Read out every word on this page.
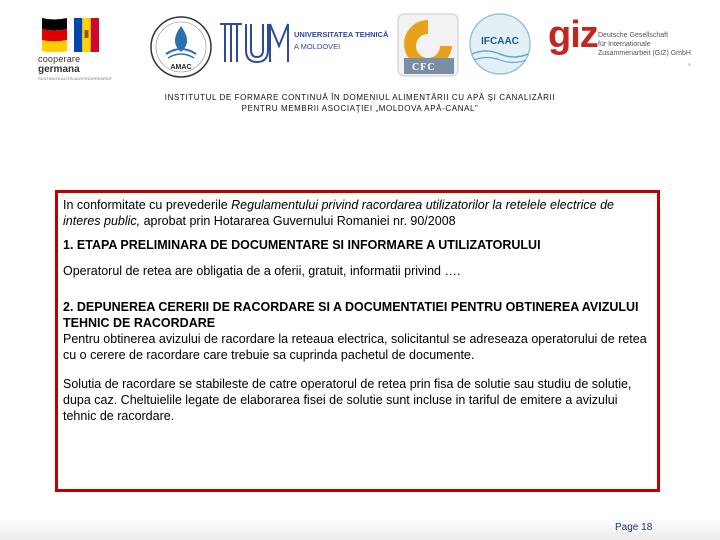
cooperare
germana
SUSTINUTA ALTEN AUSTINARREARSIT
AMAC
UNIVERSITATEA TEHNICĂ
A MOLDOVEI
CFC
IFCAAC giz Deutsche Gesellschaft
für Internationale
Zusammenarbeit (GIZ) GmbH
®
INSTITUTUL DE FORMARE CONTINUĂ ÎN DOMENIUL ALIMENTĂRII CU APĂ ŞI CANALIZĂRII
PENTRU MEMBRII ASOCIAŢIEI „MOLDOVA APĂ-CANAL”

In conformitate cu prevederile Regulamentului privind racordarea utilizatorilor la retelele electrice de interes public, aprobat prin Hotararea Guvernului Romaniei nr. 90/2008

1. ETAPA PRELIMINARA DE DOCUMENTARE SI INFORMARE A UTILIZATORULUI

Operatorul de retea are obligatia de a oferii, gratuit, informatii privind ….

2. DEPUNEREA CERERII DE RACORDARE SI A DOCUMENTATIEI PENTRU OBTINEREA AVIZULUI TEHNIC DE RACORDARE

Pentru obtinerea avizului de racordare la reteaua electrica, solicitantul se adreseaza operatorului de retea cu o cerere de racordare care trebuie sa cuprinda pachetul de documente.

Solutia de racordare se stabileste de catre operatorul de retea prin fisa de solutie sau studiu de solutie, dupa caz. Cheltuielile legate de elaborarea fisei de solutie sunt incluse in tariful de emitere a avizului tehnic de racordare.

Page 18
